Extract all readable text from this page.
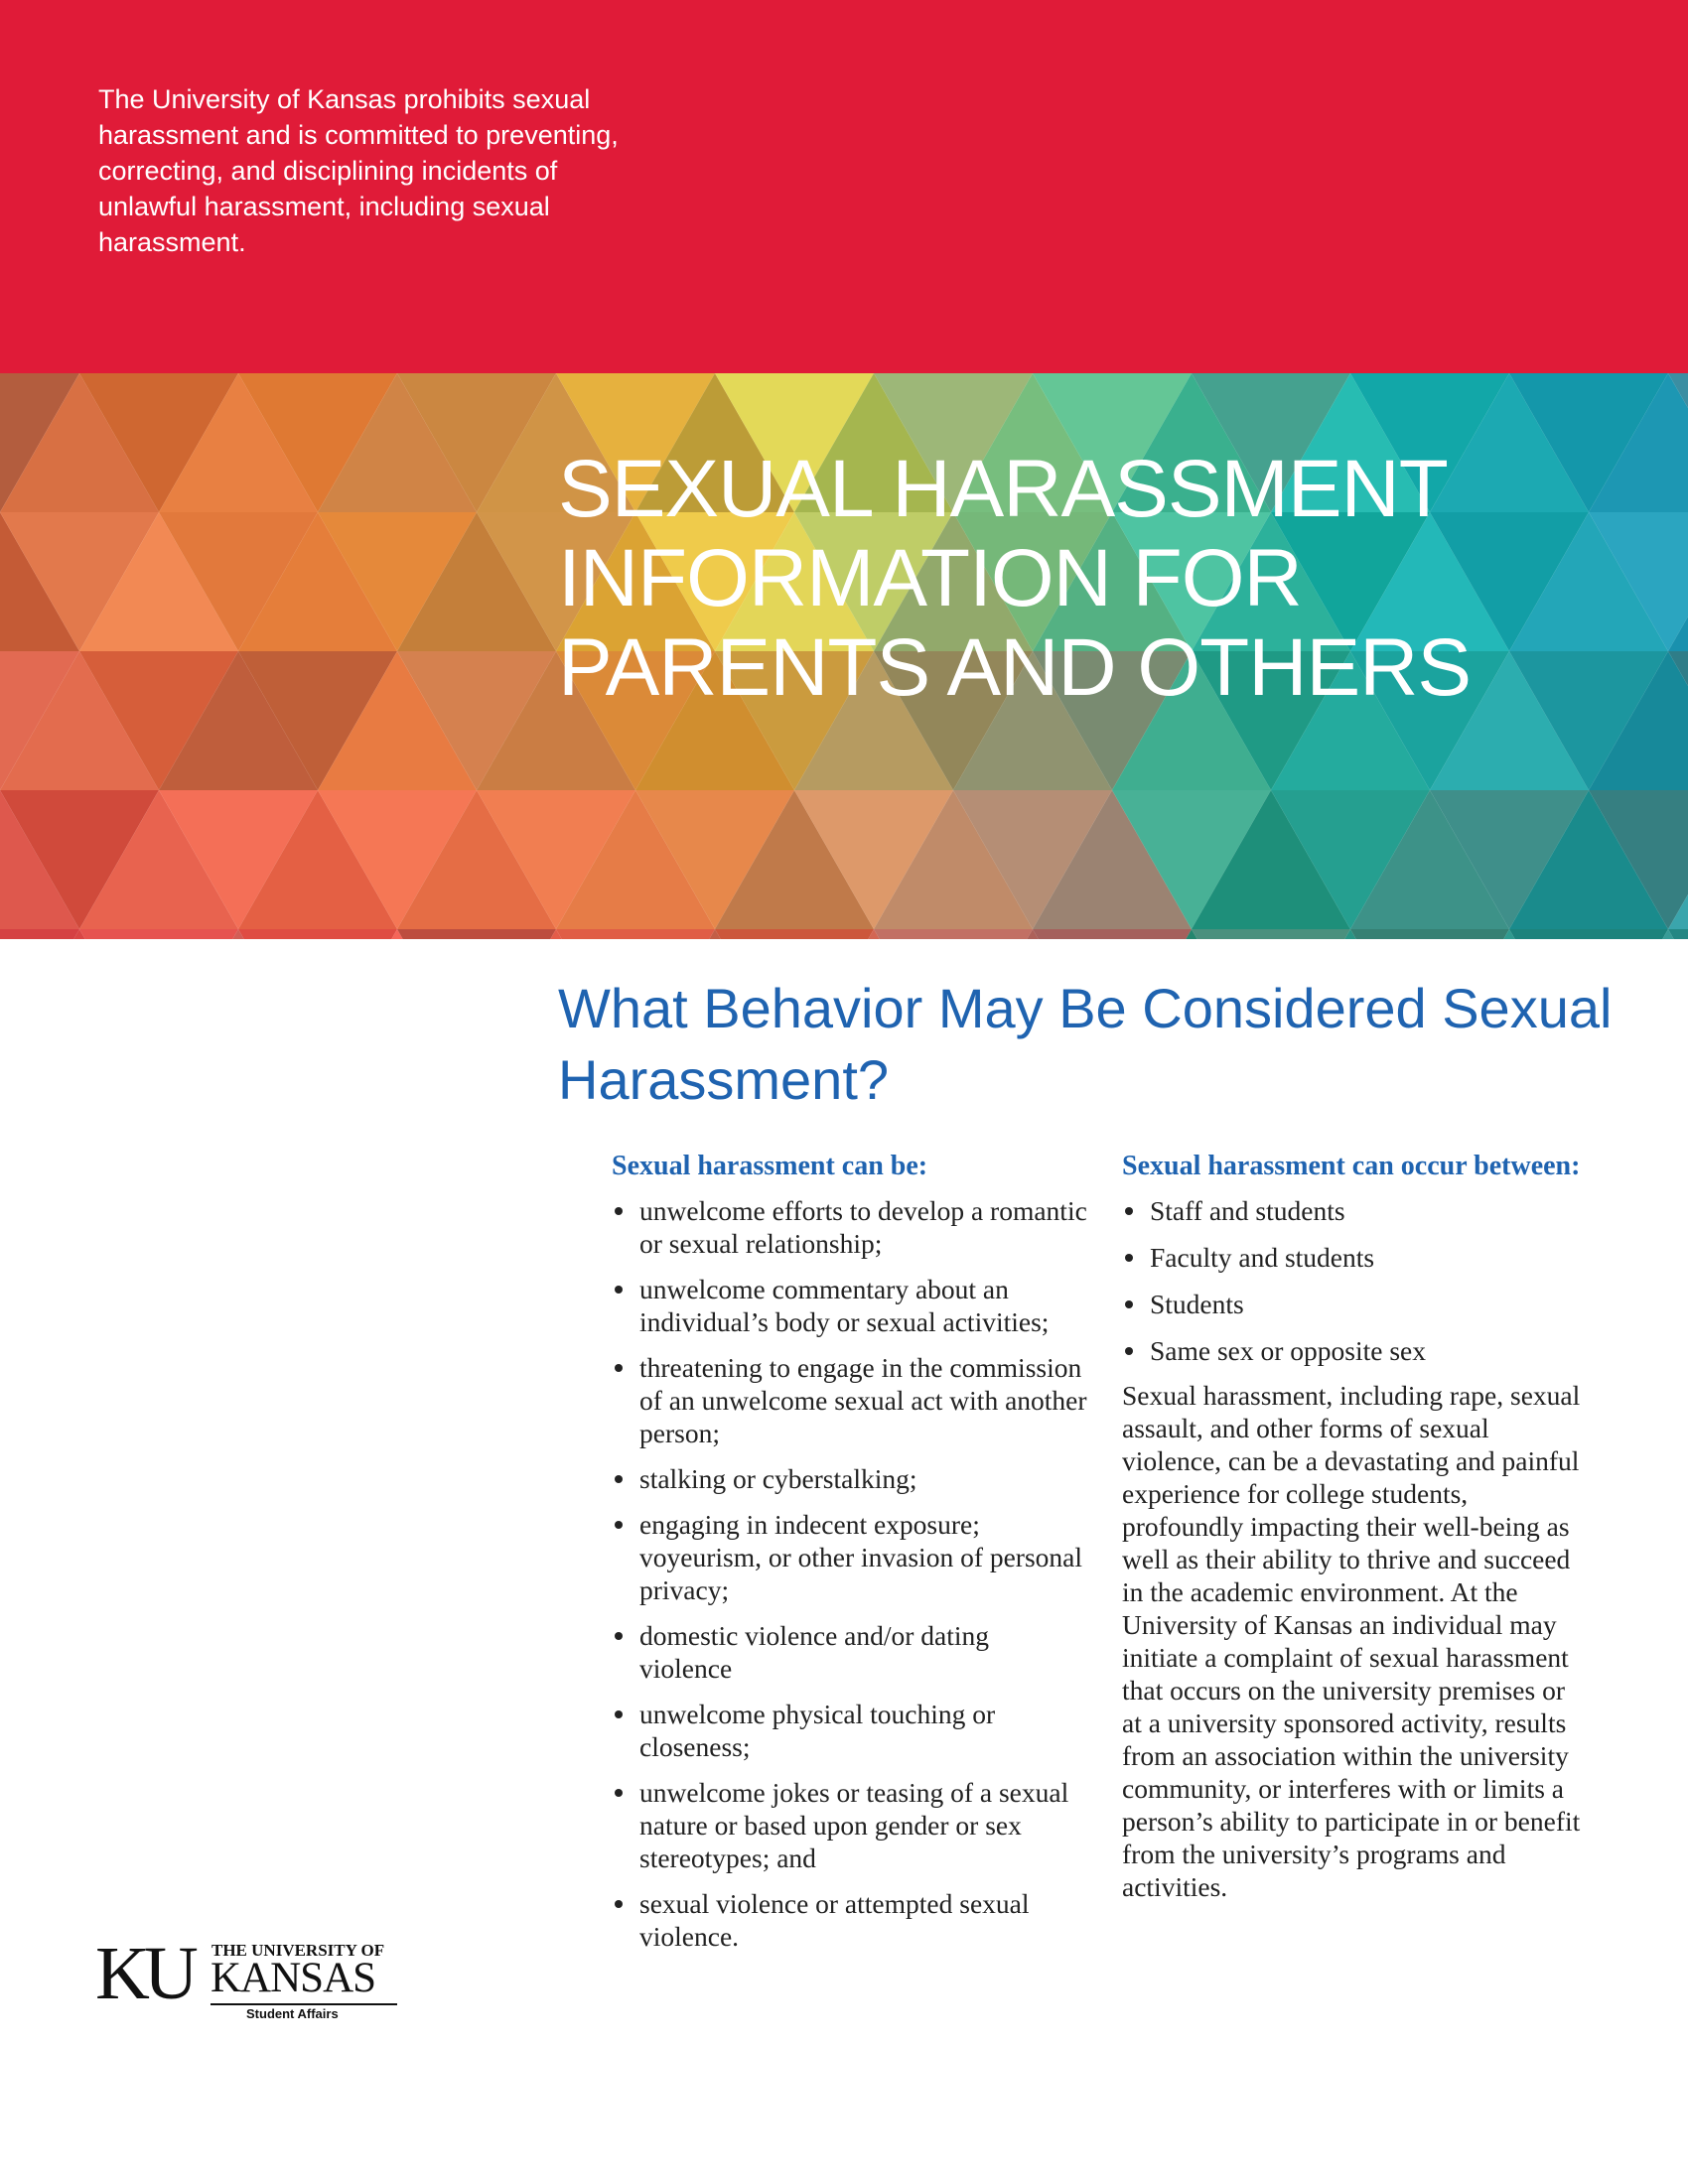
The University of Kansas prohibits sexual harassment and is committed to preventing, correcting, and disciplining incidents of unlawful harassment, including sexual harassment.

SEXUAL HARASSMENT
INFORMATION FOR
PARENTS AND OTHERS
What Behavior May Be Considered Sexual Harassment?
Sexual harassment can be:
unwelcome efforts to develop a romantic or sexual relationship;
unwelcome commentary about an individual’s body or sexual activities;
threatening to engage in the commission of an unwelcome sexual act with another person;
stalking or cyberstalking;
engaging in indecent exposure; voyeurism, or other invasion of personal privacy;
domestic violence and/or dating violence
unwelcome physical touching or closeness;
unwelcome jokes or teasing of a sexual nature or based upon gender or sex stereotypes; and
sexual violence or attempted sexual violence.
Sexual harassment can occur between:
Staff and students
Faculty and students
Students
Same sex or opposite sex

Sexual harassment, including rape, sexual assault, and other forms of sexual violence, can be a devastating and painful experience for college students, profoundly impacting their well-being as well as their ability to thrive and succeed in the academic environment. At the University of Kansas an individual may initiate a complaint of sexual harassment that occurs on the university premises or at a university sponsored activity, results from an association within the university community, or interferes with or limits a person’s ability to participate in or benefit from the university’s programs and activities.

KU THE UNIVERSITY OF
KANSAS
Student Affairs
